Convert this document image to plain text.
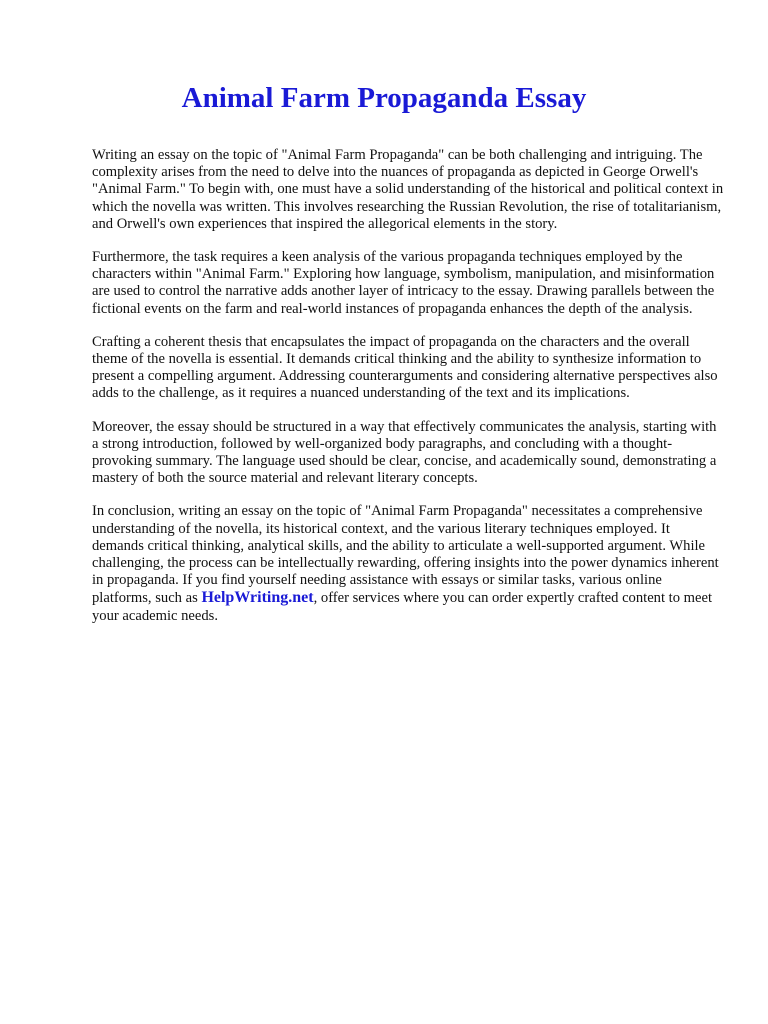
Animal Farm Propaganda Essay

Writing an essay on the topic of "Animal Farm Propaganda" can be both challenging and intriguing. The complexity arises from the need to delve into the nuances of propaganda as depicted in George Orwell's "Animal Farm." To begin with, one must have a solid understanding of the historical and political context in which the novella was written. This involves researching the Russian Revolution, the rise of totalitarianism, and Orwell's own experiences that inspired the allegorical elements in the story.

Furthermore, the task requires a keen analysis of the various propaganda techniques employed by the characters within "Animal Farm." Exploring how language, symbolism, manipulation, and misinformation are used to control the narrative adds another layer of intricacy to the essay. Drawing parallels between the fictional events on the farm and real-world instances of propaganda enhances the depth of the analysis.

Crafting a coherent thesis that encapsulates the impact of propaganda on the characters and the overall theme of the novella is essential. It demands critical thinking and the ability to synthesize information to present a compelling argument. Addressing counterarguments and considering alternative perspectives also adds to the challenge, as it requires a nuanced understanding of the text and its implications.

Moreover, the essay should be structured in a way that effectively communicates the analysis, starting with a strong introduction, followed by well-organized body paragraphs, and concluding with a thought-provoking summary. The language used should be clear, concise, and academically sound, demonstrating a mastery of both the source material and relevant literary concepts.

In conclusion, writing an essay on the topic of "Animal Farm Propaganda" necessitates a comprehensive understanding of the novella, its historical context, and the various literary techniques employed. It demands critical thinking, analytical skills, and the ability to articulate a well-supported argument. While challenging, the process can be intellectually rewarding, offering insights into the power dynamics inherent in propaganda. If you find yourself needing assistance with essays or similar tasks, various online platforms, such as HelpWriting.net, offer services where you can order expertly crafted content to meet your academic needs.
